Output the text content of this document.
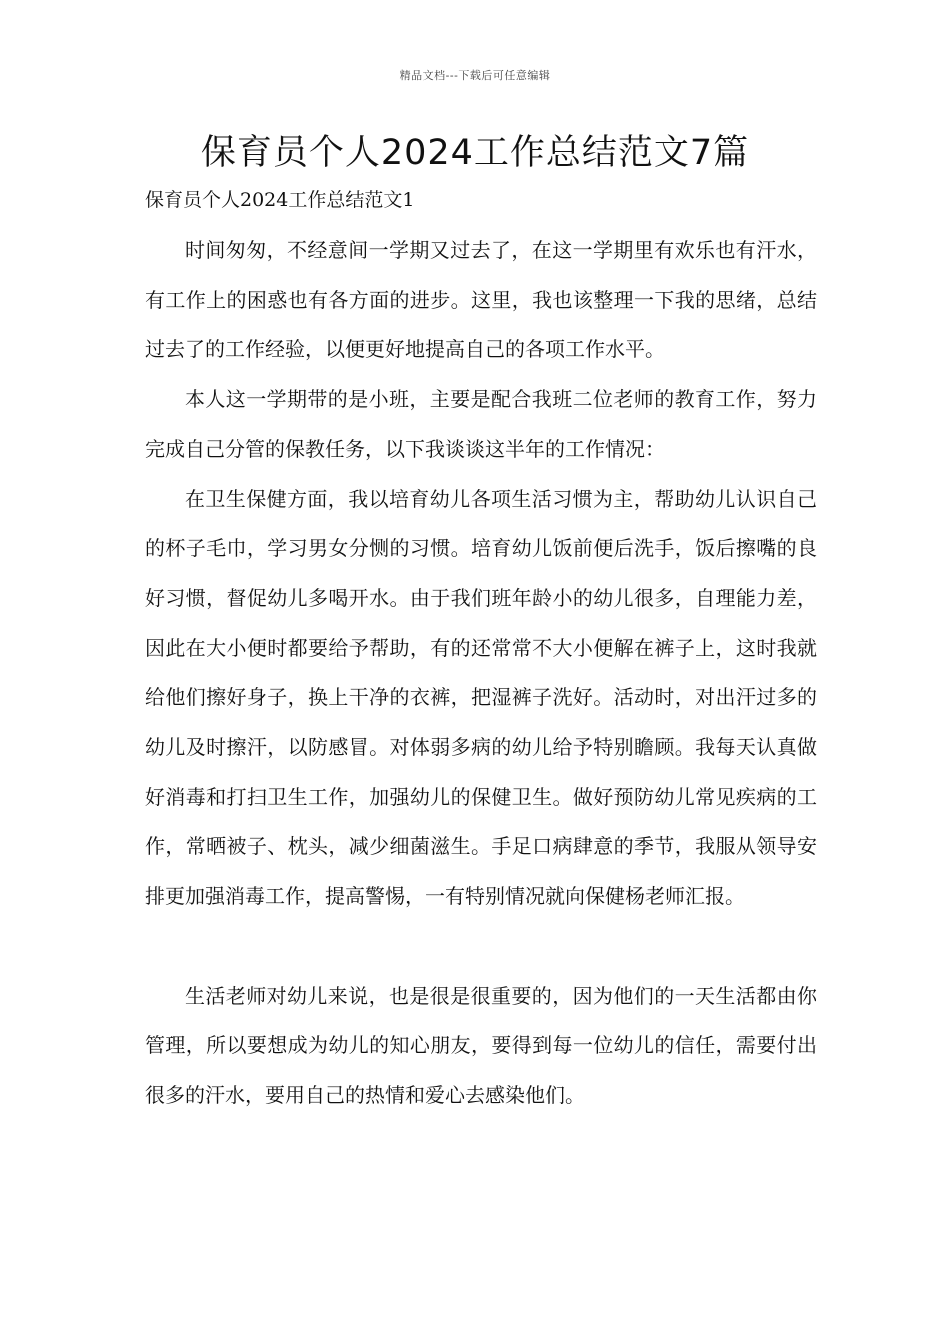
精品文档---下载后可任意编辑
保育员个人2024工作总结范文7篇
保育员个人2024工作总结范文1

时间匆匆，不经意间一学期又过去了，在这一学期里有欢乐也有汗水，有工作上的困惑也有各方面的进步。这里，我也该整理一下我的思绪，总结过去了的工作经验，以便更好地提高自己的各项工作水平。

本人这一学期带的是小班，主要是配合我班二位老师的教育工作，努力完成自己分管的保教任务，以下我谈谈这半年的工作情况：

在卫生保健方面，我以培育幼儿各项生活习惯为主，帮助幼儿认识自己的杯子毛巾，学习男女分恻的习惯。培育幼儿饭前便后洗手，饭后擦嘴的良好习惯，督促幼儿多喝开水。由于我们班年龄小的幼儿很多，自理能力差，因此在大小便时都要给予帮助，有的还常常不大小便解在裤子上，这时我就给他们擦好身子，换上干净的衣裤，把湿裤子洗好。活动时，对出汗过多的幼儿及时擦汗，以防感冒。对体弱多病的幼儿给予特别瞻顾。我每天认真做好消毒和打扫卫生工作，加强幼儿的保健卫生。做好预防幼儿常见疾病的工作，常晒被子、枕头，减少细菌滋生。手足口病肆意的季节，我服从领导安排更加强消毒工作，提高警惕，一有特别情况就向保健杨老师汇报。

生活老师对幼儿来说，也是很是很重要的，因为他们的一天生活都由你管理，所以要想成为幼儿的知心朋友，要得到每一位幼儿的信任，需要付出很多的汗水，要用自己的热情和爱心去感染他们。
